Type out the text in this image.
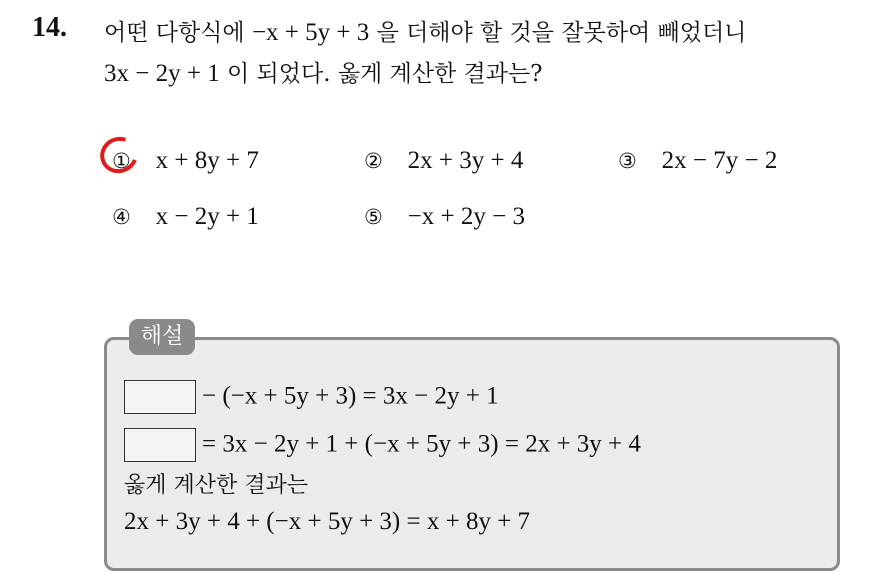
14. 어떤 다항식에 −x + 5y + 3 을 더해야 할 것을 잘못하여 빼었더니
3x − 2y + 1 이 되었다. 옳게 계산한 결과는?
① x + 8y + 7	② 2x + 3y + 4	③ 2x − 7y − 2
④ x − 2y + 1	⑤ −x + 2y − 3
해설
− (−x + 5y + 3) = 3x − 2y + 1
= 3x − 2y + 1 + (−x + 5y + 3) = 2x + 3y + 4
옳게 계산한 결과는
2x + 3y + 4 + (−x + 5y + 3) = x + 8y + 7
